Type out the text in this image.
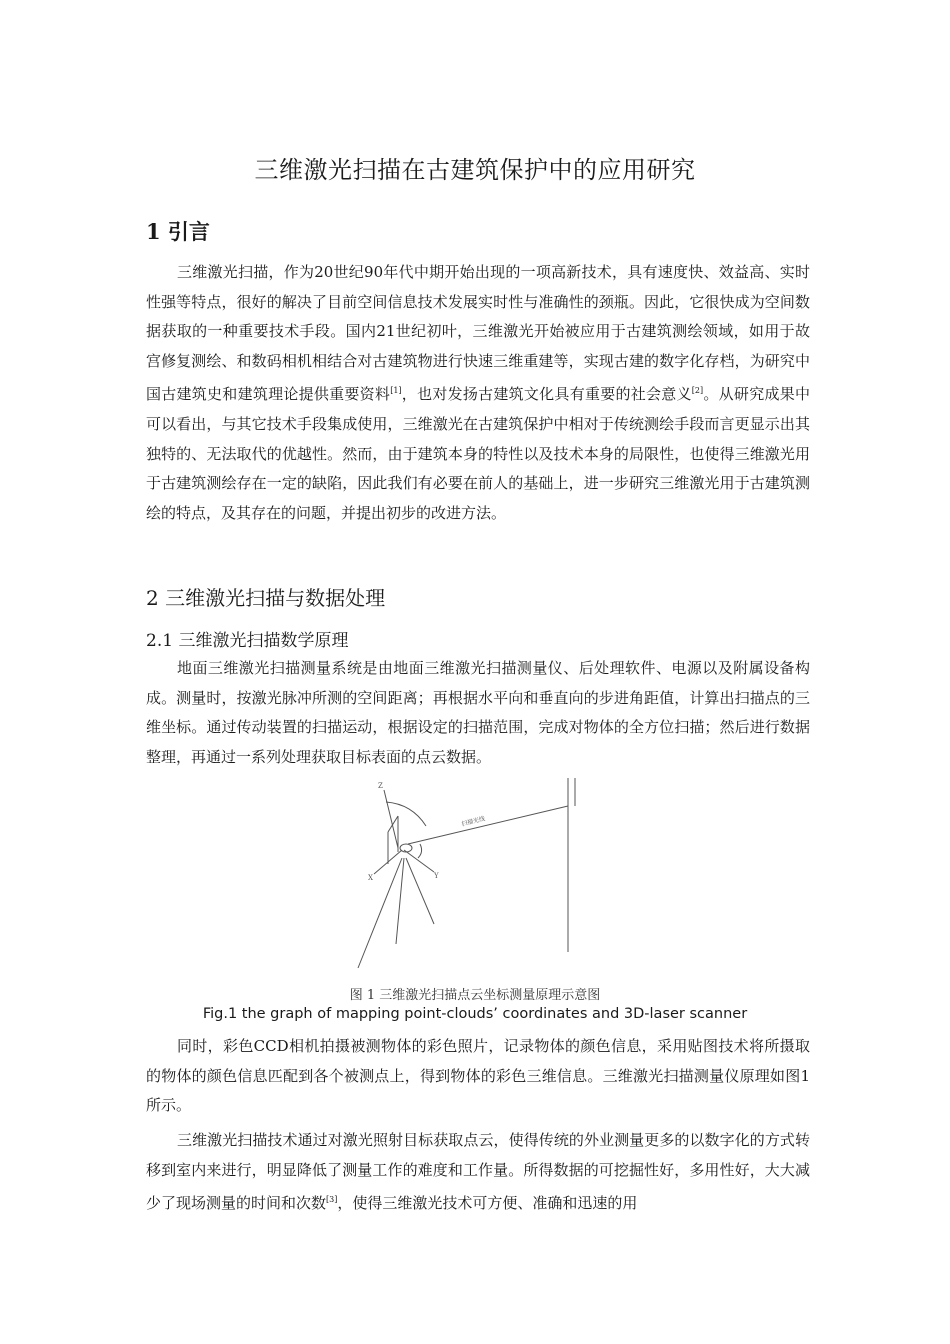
三维激光扫描在古建筑保护中的应用研究
1 引言

三维激光扫描，作为20世纪90年代中期开始出现的一项高新技术，具有速度快、效益高、实时性强等特点，很好的解决了目前空间信息技术发展实时性与准确性的颈瓶。因此，它很快成为空间数据获取的一种重要技术手段。国内21世纪初叶，三维激光开始被应用于古建筑测绘领域，如用于故宫修复测绘、和数码相机相结合对古建筑物进行快速三维重建等，实现古建的数字化存档，为研究中国古建筑史和建筑理论提供重要资料[1]，也对发扬古建筑文化具有重要的社会意义[2]。从研究成果中可以看出，与其它技术手段集成使用，三维激光在古建筑保护中相对于传统测绘手段而言更显示出其独特的、无法取代的优越性。然而，由于建筑本身的特性以及技术本身的局限性，也使得三维激光用于古建筑测绘存在一定的缺陷，因此我们有必要在前人的基础上，进一步研究三维激光用于古建筑测绘的特点，及其存在的问题，并提出初步的改进方法。

2 三维激光扫描与数据处理
2.1 三维激光扫描数学原理

地面三维激光扫描测量系统是由地面三维激光扫描测量仪、后处理软件、电源以及附属设备构成。测量时，按激光脉冲所测的空间距离；再根据水平向和垂直向的步进角距值，计算出扫描点的三维坐标。通过传动装置的扫描运动，根据设定的扫描范围，完成对物体的全方位扫描；然后进行数据整理，再通过一系列处理获取目标表面的点云数据。

扫描光线
Z
X	Y
图 1 三维激光扫描点云坐标测量原理示意图
Fig.1 the graph of mapping point-clouds’ coordinates and 3D-laser scanner

同时，彩色CCD相机拍摄被测物体的彩色照片，记录物体的颜色信息，采用贴图技术将所摄取的物体的颜色信息匹配到各个被测点上，得到物体的彩色三维信息。三维激光扫描测量仪原理如图1所示。

三维激光扫描技术通过对激光照射目标获取点云，使得传统的外业测量更多的以数字化的方式转移到室内来进行，明显降低了测量工作的难度和工作量。所得数据的可挖掘性好，多用性好，大大减少了现场测量的时间和次数[3]，使得三维激光技术可方便、准确和迅速的用
